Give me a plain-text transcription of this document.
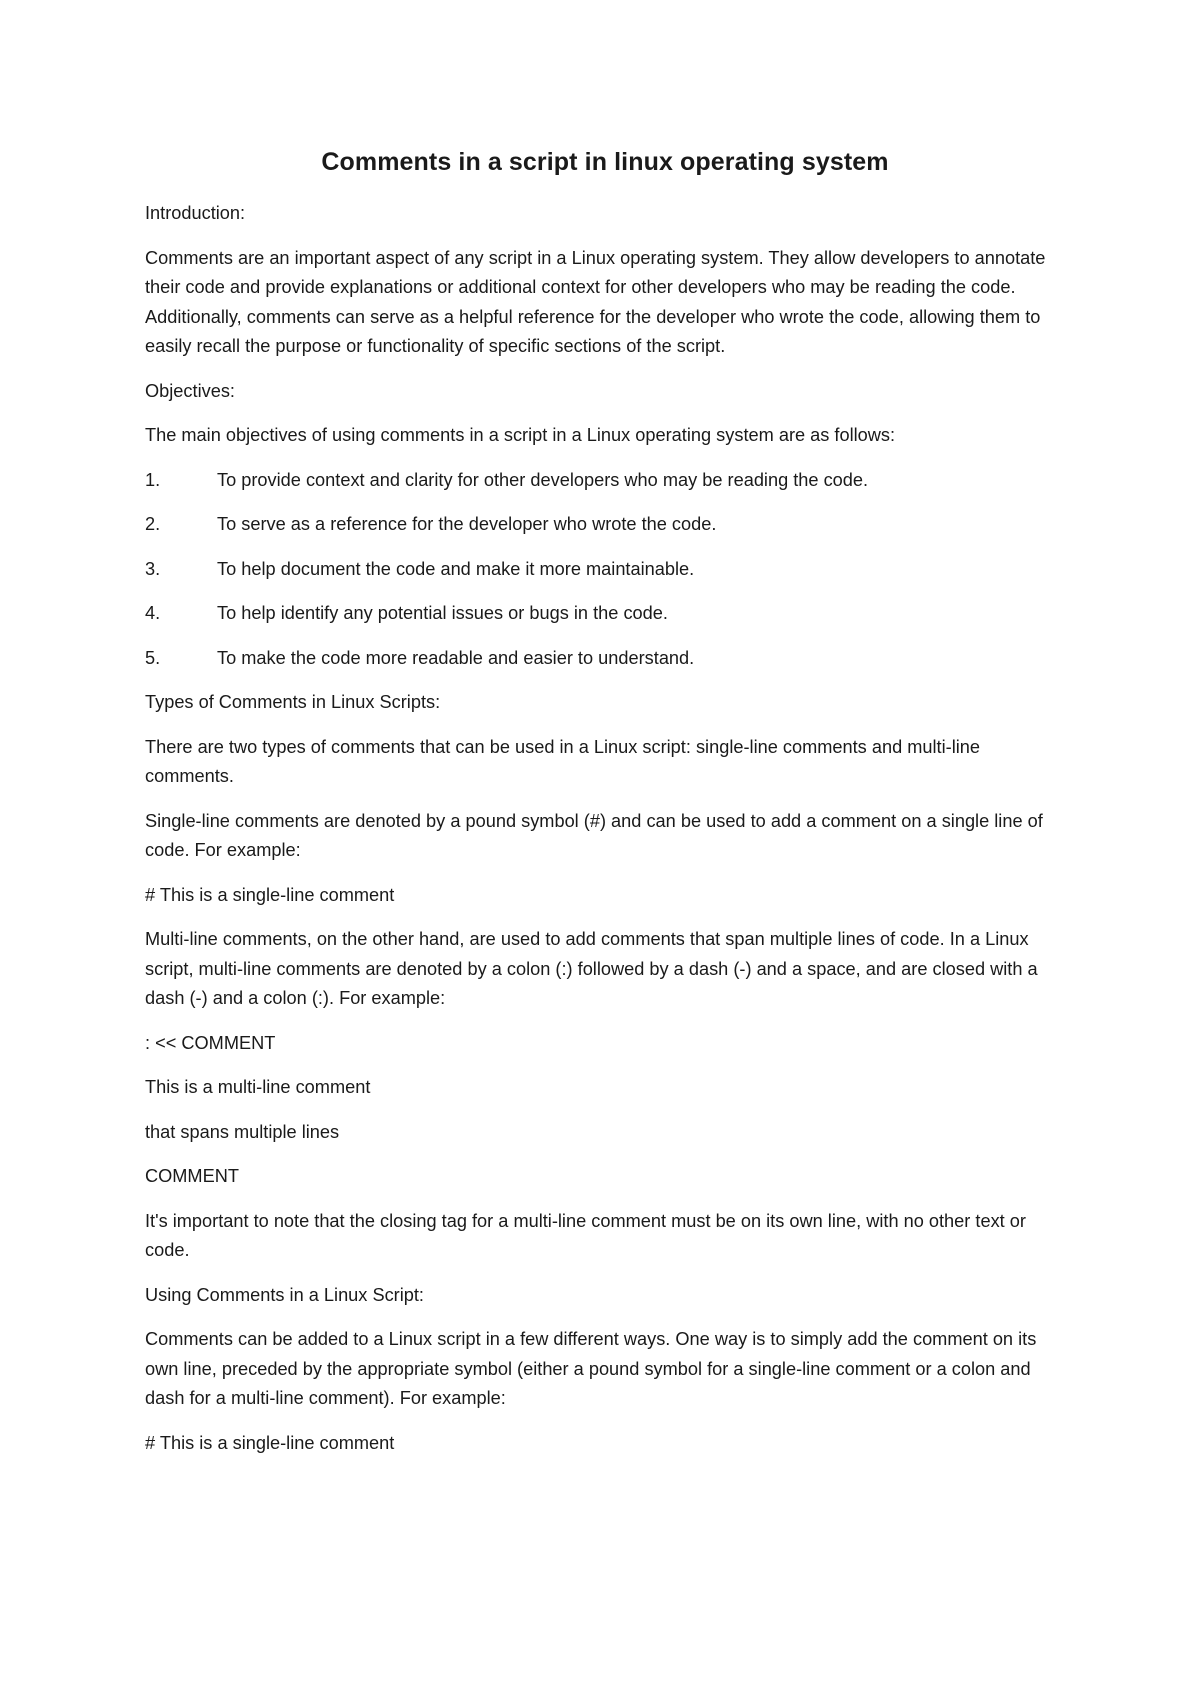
Comments in a script in linux operating system

Introduction:

Comments are an important aspect of any script in a Linux operating system. They allow developers to annotate their code and provide explanations or additional context for other developers who may be reading the code. Additionally, comments can serve as a helpful reference for the developer who wrote the code, allowing them to easily recall the purpose or functionality of specific sections of the script.

Objectives:

The main objectives of using comments in a script in a Linux operating system are as follows:

1.	To provide context and clarity for other developers who may be reading the code.
2.	To serve as a reference for the developer who wrote the code.
3.	To help document the code and make it more maintainable.
4.	To help identify any potential issues or bugs in the code.
5.	To make the code more readable and easier to understand.

Types of Comments in Linux Scripts:

There are two types of comments that can be used in a Linux script: single-line comments and multi-line comments.

Single-line comments are denoted by a pound symbol (#) and can be used to add a comment on a single line of code. For example:

# This is a single-line comment

Multi-line comments, on the other hand, are used to add comments that span multiple lines of code. In a Linux script, multi-line comments are denoted by a colon (:) followed by a dash (-) and a space, and are closed with a dash (-) and a colon (:). For example:

: << COMMENT

This is a multi-line comment

that spans multiple lines

COMMENT

It's important to note that the closing tag for a multi-line comment must be on its own line, with no other text or code.

Using Comments in a Linux Script:

Comments can be added to a Linux script in a few different ways. One way is to simply add the comment on its own line, preceded by the appropriate symbol (either a pound symbol for a single-line comment or a colon and dash for a multi-line comment). For example:

# This is a single-line comment
